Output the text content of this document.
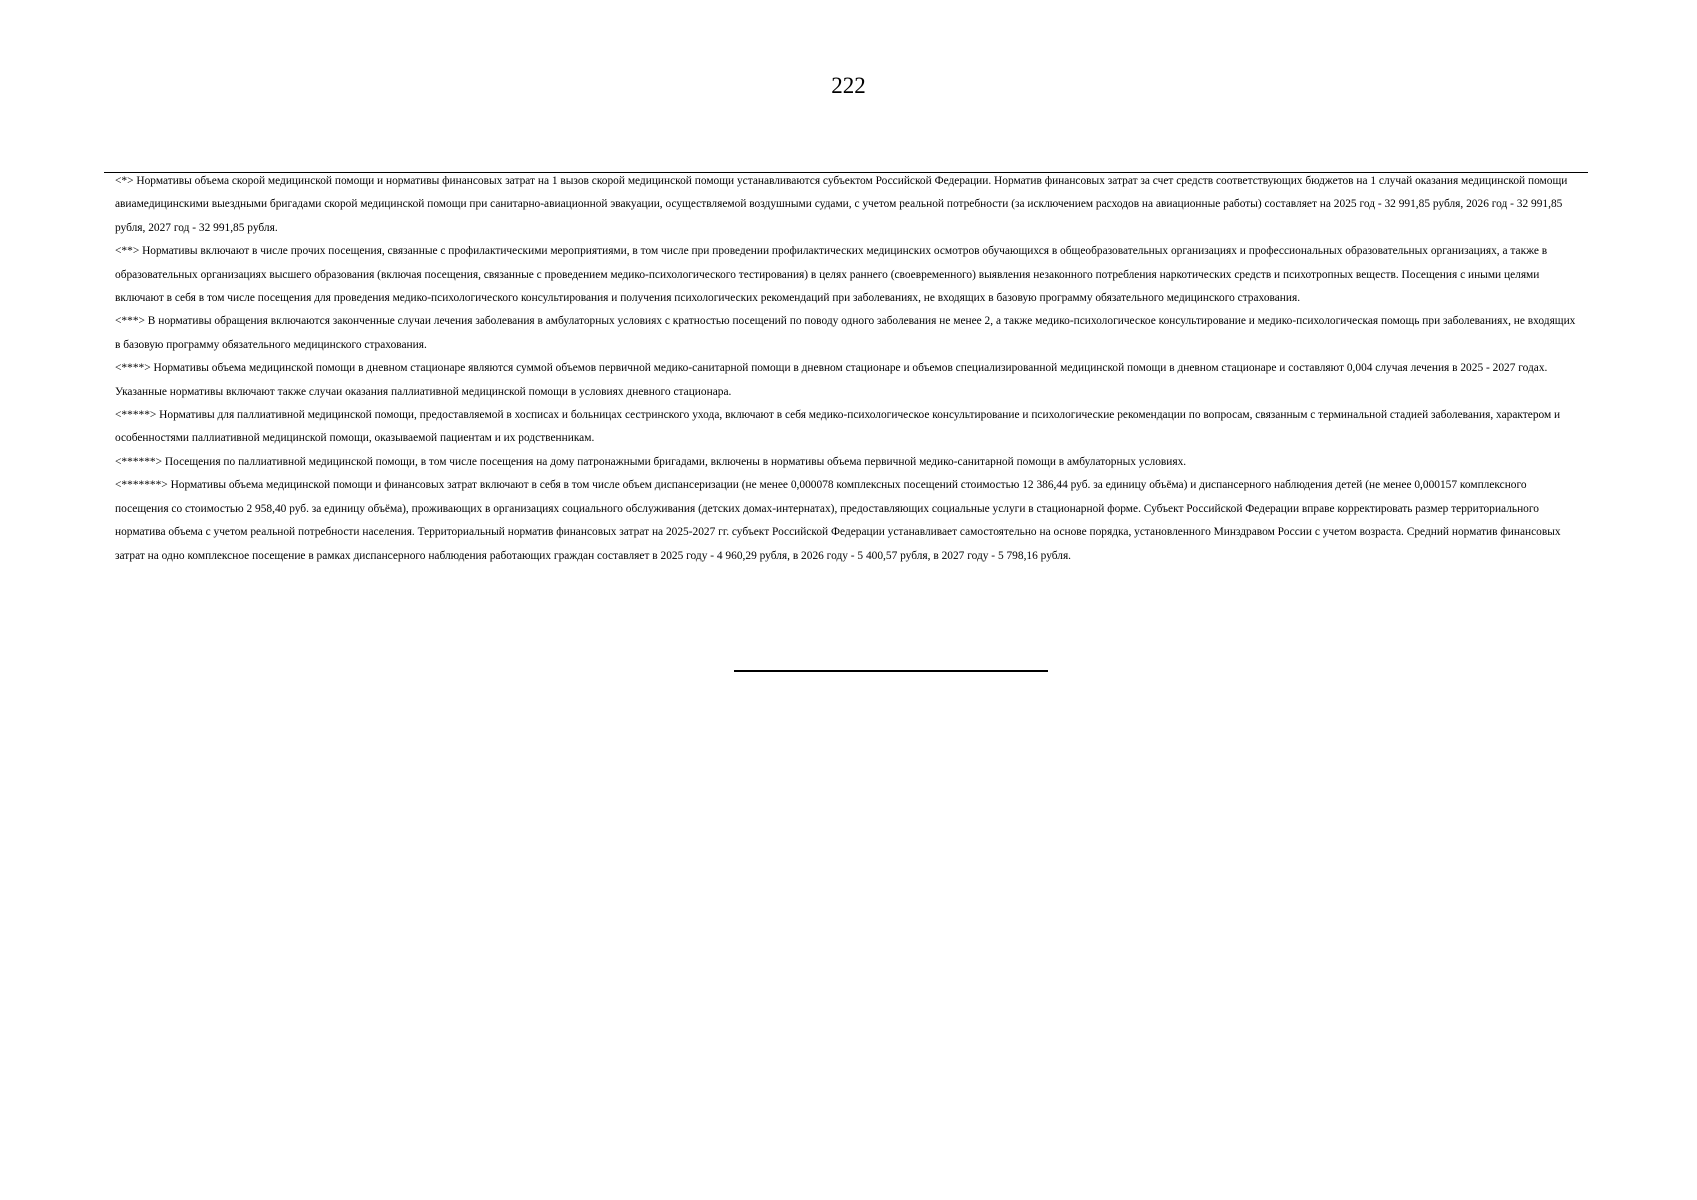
222

<*> Нормативы объема скорой медицинской помощи и нормативы финансовых затрат на 1 вызов скорой медицинской помощи устанавливаются субъектом Российской Федерации. Норматив финансовых затрат за счет средств соответствующих бюджетов на 1 случай оказания медицинской помощи авиамедицинскими выездными бригадами скорой медицинской помощи при санитарно-авиационной эвакуации, осуществляемой воздушными судами, с учетом реальной потребности (за исключением расходов на авиационные работы) составляет на 2025 год - 32 991,85 рубля, 2026 год - 32 991,85 рубля, 2027 год - 32 991,85 рубля.

<**> Нормативы включают в числе прочих посещения, связанные с профилактическими мероприятиями, в том числе при проведении профилактических медицинских осмотров обучающихся в общеобразовательных организациях и профессиональных образовательных организациях, а также в образовательных организациях высшего образования (включая посещения, связанные с проведением медико-психологического тестирования) в целях раннего (своевременного) выявления незаконного потребления наркотических средств и психотропных веществ. Посещения с иными целями включают в себя в том числе посещения для проведения медико-психологического консультирования и получения психологических рекомендаций при заболеваниях, не входящих в базовую программу обязательного медицинского страхования.

<***> В нормативы обращения включаются законченные случаи лечения заболевания в амбулаторных условиях с кратностью посещений по поводу одного заболевания не менее 2, а также медико-психологическое консультирование и медико-психологическая помощь при заболеваниях, не входящих в базовую программу обязательного медицинского страхования.

<****> Нормативы объема медицинской помощи в дневном стационаре являются суммой объемов первичной медико-санитарной помощи в дневном стационаре и объемов специализированной медицинской помощи в дневном стационаре и составляют 0,004 случая лечения в 2025 - 2027 годах. Указанные нормативы включают также случаи оказания паллиативной медицинской помощи в условиях дневного стационара.

<*****> Нормативы для паллиативной медицинской помощи, предоставляемой в хосписах и больницах сестринского ухода, включают в себя медико-психологическое консультирование и психологические рекомендации по вопросам, связанным с терминальной стадией заболевания, характером и особенностями паллиативной медицинской помощи, оказываемой пациентам и их родственникам.

<******> Посещения по паллиативной медицинской помощи, в том числе посещения на дому патронажными бригадами, включены в нормативы объема первичной медико-санитарной помощи в амбулаторных условиях.

<*******> Нормативы объема медицинской помощи и финансовых затрат включают в себя в том числе объем диспансеризации (не менее 0,000078 комплексных посещений стоимостью 12 386,44 руб. за единицу объёма) и диспансерного наблюдения детей (не менее 0,000157 комплексного посещения со стоимостью 2 958,40 руб. за единицу объёма), проживающих в организациях социального обслуживания (детских домах-интернатах), предоставляющих социальные услуги в стационарной форме. Субъект Российской Федерации вправе корректировать размер территориального норматива объема с учетом реальной потребности населения. Территориальный норматив финансовых затрат на 2025-2027 гг. субъект Российской Федерации устанавливает самостоятельно на основе порядка, установленного Минздравом России с учетом возраста. Средний норматив финансовых затрат на одно комплексное посещение в рамках диспансерного наблюдения работающих граждан составляет в 2025 году - 4 960,29 рубля, в 2026 году - 5 400,57 рубля, в 2027 году - 5 798,16 рубля.
